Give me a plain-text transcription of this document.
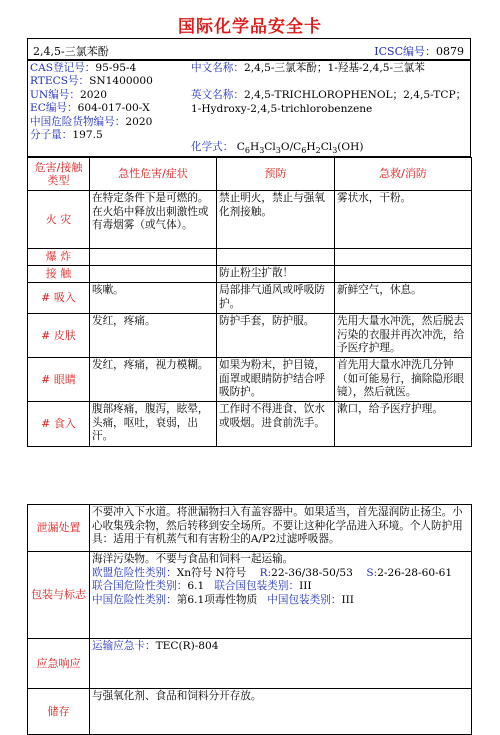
国际化学品安全卡
2,4,5-三氯苯酚	ICSC编号：0879
CAS登记号：95-95-4
RTECS号：SN1400000
UN编号：2020
EC编号：604-017-00-X
中国危险货物编号：2020
分子量：197.5
中文名称：2,4,5-三氯苯酚；1-羟基-2,4,5-三氯苯
英文名称：2,4,5-TRICHLOROPHENOL；2,4,5-TCP；
1-Hydroxy-2,4,5-trichlorobenzene
化学式： $C_6H_3Cl_3O/C_6H_2Cl_3(OH)$
危害/接触类型	急性危害/症状	预防	急救/消防
火 灾	在特定条件下是可燃的。在火焰中释放出刺激性或有毒烟雾（或气体）。	禁止明火，禁止与强氧化剂接触。	雾状水，干粉。
爆 炸			
接 触		防止粉尘扩散！	
# 吸入	咳嗽。	局部排气通风或呼吸防护。	新鲜空气，休息。
# 皮肤	发红，疼痛。	防护手套，防护服。	先用大量水冲洗，然后脱去污染的衣服并再次冲洗，给予医疗护理。
# 眼睛	发红，疼痛，视力模糊。	如果为粉末，护目镜，面罩或眼睛防护结合呼吸防护。	首先用大量水冲洗几分钟（如可能易行，摘除隐形眼镜），然后就医。
# 食入	腹部疼痛，腹泻，眩晕，头痛，呕吐，衰弱，出汗。	工作时不得进食、饮水或吸烟。进食前洗手。	漱口，给予医疗护理。
泄漏处置	不要冲入下水道。将泄漏物扫入有盖容器中。如果适当，首先湿润防止扬尘。小心收集残余物，然后转移到安全场所。不要让这种化学品进入环境。个人防护用具：适用于有机蒸气和有害粉尘的A/P2过滤呼吸器。
包装与标志	海洋污染物。不要与食品和饲料一起运输。
欧盟危险性类别：Xn符号 N符号 R:22-36/38-50/53 S:2-26-28-60-61
联合国危险性类别：6.1 联合国包装类别：III
中国危险性类别：第6.1项毒性物质 中国包装类别：III

应急响应	运输应急卡：TEC(R)-804
储存	与强氧化剂、食品和饲料分开存放。
